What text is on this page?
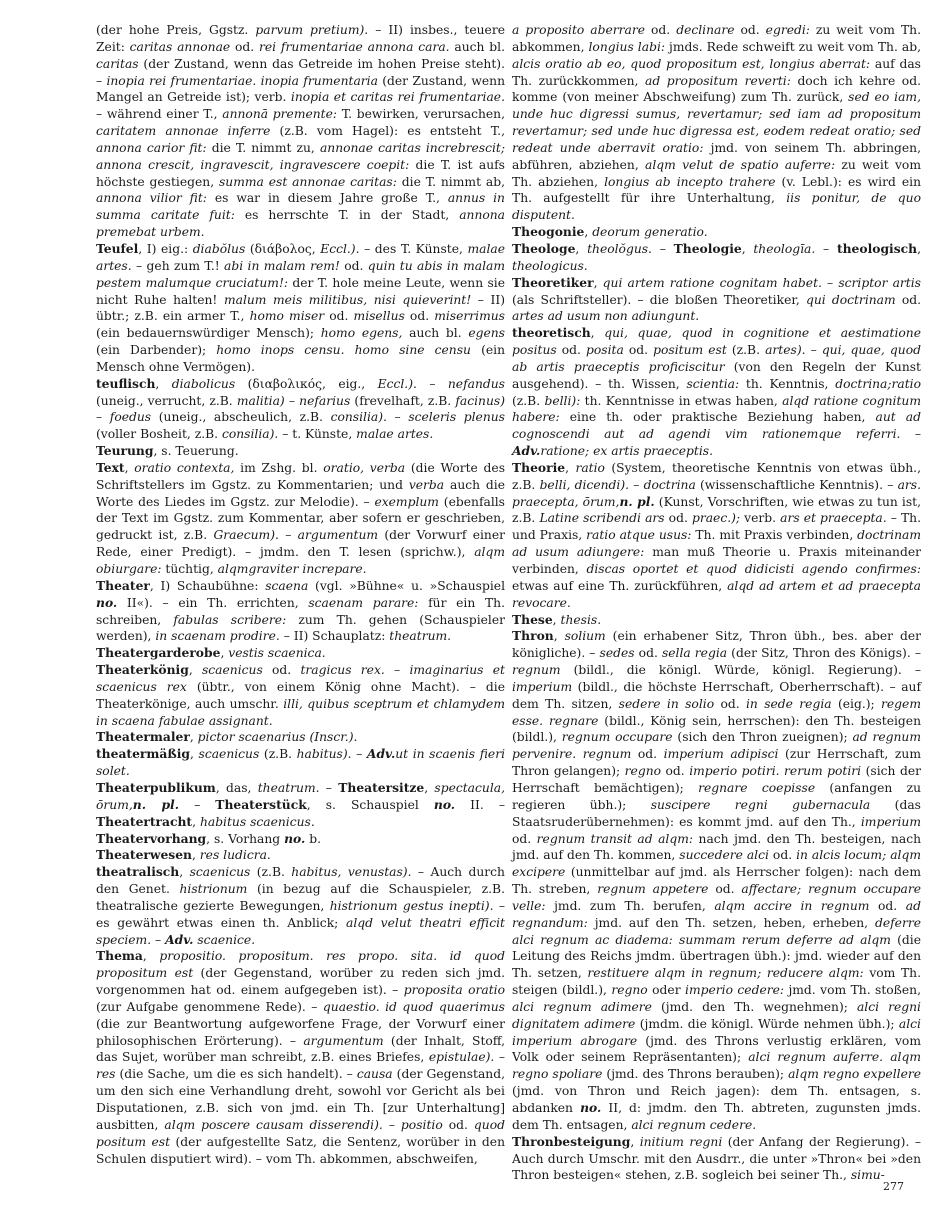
(der hohe Preis, Ggstz. parvum pretium). – II) insbes., teuere Zeit: caritas annonae od. rei frumentariae annona cara. auch bl. caritas (der Zustand, wenn das Getreide im hohen Preise steht). – inopia rei frumentariae. inopia frumentaria (der Zustand, wenn Mangel an Getreide ist); verb. inopia et caritas rei frumentariae. – während einer T., annonā premente: T. bewirken, verursachen, caritatem annonae inferre (z.B. vom Hagel): es entsteht T., annona carior fit: die T. nimmt zu, annonae caritas increbrescit; annona crescit, ingravescit, ingravescere coepit: die T. ist aufs höchste gestiegen, summa est annonae caritas: die T. nimmt ab, annona vilior fit: es war in diesem Jahre große T., annus in summa caritate fuit: es herrschte T. in der Stadt, annona premebat urbem.

Teufel, I) eig.: diabŏlus (διάβολος, Eccl.). – des T. Künste, malae artes. – geh zum T.! abi in malam rem! od. quin tu abis in malam pestem malumque cruciatum!: der T. hole meine Leute, wenn sie nicht Ruhe halten! malum meis militibus, nisi quieverint! – II) übtr.; z.B. ein armer T., homo miser od. misellus od. miserrimus (ein bedauernswürdiger Mensch); homo egens, auch bl. egens (ein Darbender); homo inops censu. homo sine censu (ein Mensch ohne Vermögen).

teuflisch, diabolicus (διαβολικός, eig., Eccl.). – nefandus (uneig., verrucht, z.B. malitia) – nefarius (frevelhaft, z.B. facinus) – foedus (uneig., abscheulich, z.B. consilia). – sceleris plenus (voller Bosheit, z.B. consilia). – t. Künste, malae artes.

Teurung, s. Teuerung.

Text, oratio contexta, im Zshg. bl. oratio, verba (die Worte des Schriftstellers im Ggstz. zu Kommentarien; und verba auch die Worte des Liedes im Ggstz. zur Melodie). – exemplum (ebenfalls der Text im Ggstz. zum Kommentar, aber sofern er geschrieben, gedruckt ist, z.B. Graecum). – argumentum (der Vorwurf einer Rede, einer Predigt). – jmdm. den T. lesen (sprichw.), alqm obiurgare: tüchtig, alqmgraviter increpare.

Theater, I) Schaubühne: scaena (vgl. »Bühne« u. »Schauspiel no. II«). – ein Th. errichten, scaenam parare: für ein Th. schreiben, fabulas scribere: zum Th. gehen (Schauspieler werden), in scaenam prodire. – II) Schauplatz: theatrum.

Theatergarderobe, vestis scaenica.

Theaterkönig, scaenicus od. tragicus rex. – imaginarius et scaenicus rex (übtr., von einem König ohne Macht). – die Theaterkönige, auch umschr. illi, quibus sceptrum et chlamydem in scaena fabulae assignant.

Theatermaler, pictor scaenarius (Inscr.).

theatermäßig, scaenicus (z.B. habitus). – Adv.ut in scaenis fieri solet.

Theaterpublikum, das, theatrum. – Theatersitze, spectacula, ōrum,n. pl. – Theaterstück, s. Schauspiel no. II. – Theatertracht, habitus scaenicus.

Theatervorhang, s. Vorhang no. b.

Theaterwesen, res ludicra.

theatralisch, scaenicus (z.B. habitus, venustas). – Auch durch den Genet. histrionum (in bezug auf die Schauspieler, z.B. theatralische gezierte Bewegungen, histrionum gestus inepti). – es gewährt etwas einen th. Anblick; alqd velut theatri efficit speciem. – Adv. scaenice.

Thema, propositio. propositum. res propo. sita. id quod propositum est (der Gegenstand, worüber zu reden sich jmd. vorgenommen hat od. einem aufgegeben ist). – proposita oratio (zur Aufgabe genommene Rede). – quaestio. id quod quaerimus (die zur Beantwortung aufgeworfene Frage, der Vorwurf einer philosophischen Erörterung). – argumentum (der Inhalt, Stoff, das Sujet, worüber man schreibt, z.B. eines Briefes, epistulae). – res (die Sache, um die es sich handelt). – causa (der Gegenstand, um den sich eine Verhandlung dreht, sowohl vor Gericht als bei Disputationen, z.B. sich von jmd. ein Th. [zur Unterhaltung] ausbitten, alqm poscere causam disserendi). – positio od. quod positum est (der aufgestellte Satz, die Sentenz, worüber in den Schulen disputiert wird). – vom Th. abkommen, abschweifen,

a proposito aberrare od. declinare od. egredi: zu weit vom Th. abkommen, longius labi: jmds. Rede schweift zu weit vom Th. ab, alcis oratio ab eo, quod propositum est, longius aberrat: auf das Th. zurückkommen, ad propositum reverti: doch ich kehre od. komme (von meiner Abschweifung) zum Th. zurück, sed eo iam, unde huc digressi sumus, revertamur; sed iam ad propositum revertamur; sed unde huc digressa est, eodem redeat oratio; sed redeat unde aberravit oratio: jmd. von seinem Th. abbringen, abführen, abziehen, alqm velut de spatio auferre: zu weit vom Th. abziehen, longius ab incepto trahere (v. Lebl.): es wird ein Th. aufgestellt für ihre Unterhaltung, iis ponitur, de quo disputent.

Theogonie, deorum generatio.

Theologe, theolŏgus. – Theologie, theologīa. – theologisch, theologicus.

Theoretiker, qui artem ratione cognitam habet. – scriptor artis (als Schriftsteller). – die bloßen Theoretiker, qui doctrinam od. artes ad usum non adiungunt.

theoretisch, qui, quae, quod in cognitione et aestimatione positus od. posita od. positum est (z.B. artes). – qui, quae, quod ab artis praeceptis proficiscitur (von den Regeln der Kunst ausgehend). – th. Wissen, scientia: th. Kenntnis, doctrina;ratio (z.B. belli): th. Kenntnisse in etwas haben, alqd ratione cognitum habere: eine th. oder praktische Beziehung haben, aut ad cognoscendi aut ad agendi vim rationemque referri. – Adv.ratione; ex artis praeceptis.

Theorie, ratio (System, theoretische Kenntnis von etwas übh., z.B. belli, dicendi). – doctrina (wissenschaftliche Kenntnis). – ars. praecepta, ōrum,n. pl. (Kunst, Vorschriften, wie etwas zu tun ist, z.B. Latine scribendi ars od. praec.); verb. ars et praecepta. – Th. und Praxis, ratio atque usus: Th. mit Praxis verbinden, doctrinam ad usum adiungere: man muß Theorie u. Praxis miteinander verbinden, discas oportet et quod didicisti agendo confirmes: etwas auf eine Th. zurückführen, alqd ad artem et ad praecepta revocare.

These, thesis.

Thron, solium (ein erhabener Sitz, Thron übh., bes. aber der königliche). – sedes od. sella regia (der Sitz, Thron des Königs). – regnum (bildl., die königl. Würde, königl. Regierung). – imperium (bildl., die höchste Herrschaft, Oberherrschaft). – auf dem Th. sitzen, sedere in solio od. in sede regia (eig.); regem esse. regnare (bildl., König sein, herrschen): den Th. besteigen (bildl.), regnum occupare (sich den Thron zueignen); ad regnum pervenire. regnum od. imperium adipisci (zur Herrschaft, zum Thron gelangen); regno od. imperio potiri. rerum potiri (sich der Herrschaft bemächtigen); regnare coepisse (anfangen zu regieren übh.); suscipere regni gubernacula (das Staatsruderübernehmen): es kommt jmd. auf den Th., imperium od. regnum transit ad alqm: nach jmd. den Th. besteigen, nach jmd. auf den Th. kommen, succedere alci od. in alcis locum; alqm excipere (unmittelbar auf jmd. als Herrscher folgen): nach dem Th. streben, regnum appetere od. affectare; regnum occupare velle: jmd. zum Th. berufen, alqm accire in regnum od. ad regnandum: jmd. auf den Th. setzen, heben, erheben, deferre alci regnum ac diadema: summam rerum deferre ad alqm (die Leitung des Reichs jmdm. übertragen übh.): jmd. wieder auf den Th. setzen, restituere alqm in regnum; reducere alqm: vom Th. steigen (bildl.), regno oder imperio cedere: jmd. vom Th. stoßen, alci regnum adimere (jmd. den Th. wegnehmen); alci regni dignitatem adimere (jmdm. die königl. Würde nehmen übh.); alci imperium abrogare (jmd. des Throns verlustig erklären, vom Volk oder seinem Repräsentanten); alci regnum auferre. alqm regno spoliare (jmd. des Throns berauben); alqm regno expellere (jmd. von Thron und Reich jagen): dem Th. entsagen, s. abdanken no. II, d: jmdm. den Th. abtreten, zugunsten jmds. dem Th. entsagen, alci regnum cedere.

Thronbesteigung, initium regni (der Anfang der Regierung). – Auch durch Umschr. mit den Ausdrr., die unter »Thron« bei »den Thron besteigen« stehen, z.B. sogleich bei seiner Th., simu-

277
